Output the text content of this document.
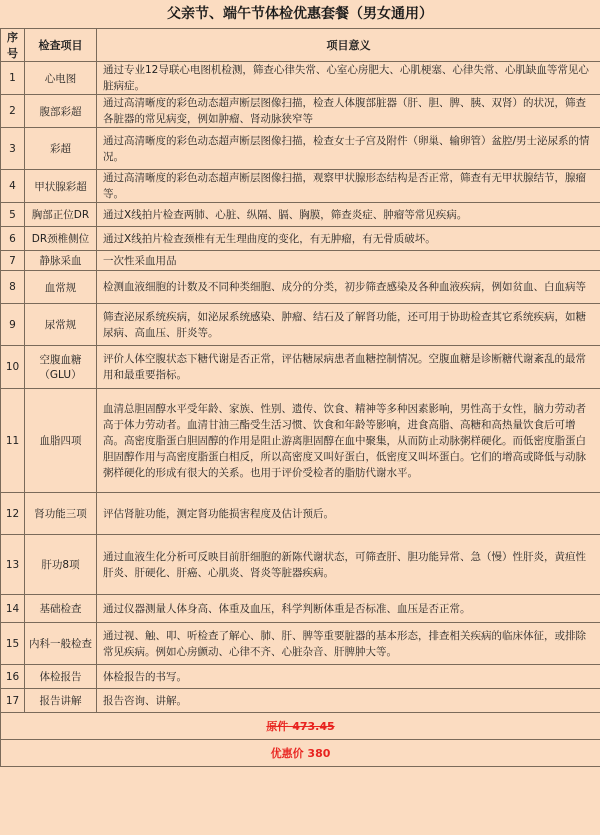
父亲节、端午节体检优惠套餐（男女通用）
序号	检查项目	项目意义
1	心电图	通过专业12导联心电图机检测，筛查心律失常、心室心房肥大、心肌梗塞、心律失常、心肌缺血等常见心脏病症。
2	腹部彩超	通过高清晰度的彩色动态超声断层图像扫描，检查人体腹部脏器（肝、胆、脾、胰、双肾）的状况，筛查各脏器的常见病变，例如肿瘤、肾动脉狭窄等
3	彩超	通过高清晰度的彩色动态超声断层图像扫描，检查女士子宫及附件（卵巢、输卵管）盆腔/男士泌尿系的情况。
4	甲状腺彩超	通过高清晰度的彩色动态超声断层图像扫描，观察甲状腺形态结构是否正常，筛查有无甲状腺结节，腺瘤等。
5	胸部正位DR	通过X线拍片检查两肺、心脏、纵隔、膈、胸膜，筛查炎症、肿瘤等常见疾病。
6	DR颈椎侧位	通过X线拍片检查颈椎有无生理曲度的变化，有无肿瘤，有无骨质破坏。
7	静脉采血	一次性采血用品
8	血常规	检测血液细胞的计数及不同种类细胞、成分的分类，初步筛查感染及各种血液疾病，例如贫血、白血病等
9	尿常规	筛查泌尿系统疾病，如泌尿系统感染、肿瘤、结石及了解肾功能，还可用于协助检查其它系统疾病，如糖尿病、高血压、肝炎等。
10	空腹血糖（GLU）	评价人体空腹状态下糖代谢是否正常，评估糖尿病患者血糖控制情况。空腹血糖是诊断糖代谢紊乱的最常用和最重要指标。
11	血脂四项	血清总胆固醇水平受年龄、家族、性别、遗传、饮食、精神等多种因素影响，男性高于女性，脑力劳动者高于体力劳动者。血清甘油三酯受生活习惯、饮食和年龄等影响，进食高脂、高糖和高热量饮食后可增高。高密度脂蛋白胆固醇的作用是阻止游离胆固醇在血中聚集，从而防止动脉粥样硬化。而低密度脂蛋白胆固醇作用与高密度脂蛋白相反，所以高密度又叫好蛋白，低密度又叫坏蛋白。它们的增高或降低与动脉粥样硬化的形成有很大的关系。也用于评价受检者的脂肪代谢水平。
12	肾功能三项	评估肾脏功能，测定肾功能损害程度及估计预后。
13	肝功8项	通过血液生化分析可反映目前肝细胞的新陈代谢状态，可筛查肝、胆功能异常、急（慢）性肝炎，黄疸性肝炎、肝硬化、肝癌、心肌炎、肾炎等脏器疾病。
14	基础检查	通过仪器测量人体身高、体重及血压，科学判断体重是否标准、血压是否正常。
15	内科一般检查	通过视、触、叩、听检查了解心、肺、肝、脾等重要脏器的基本形态，排查相关疾病的临床体征，或排除常见疾病。例如心房颤动、心律不齐、心脏杂音、肝脾肿大等。
16	体检报告	体检报告的书写。
17	报告讲解	报告咨询、讲解。
原件 473.45		
优惠价 380		
